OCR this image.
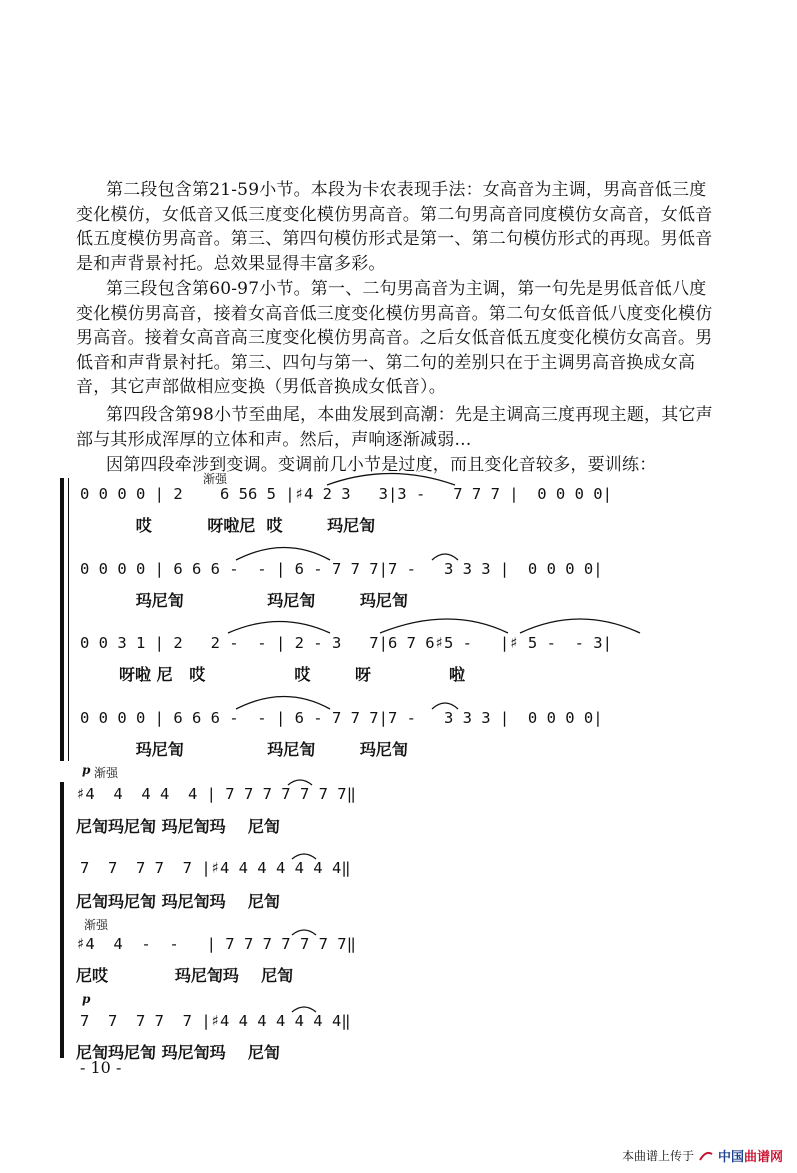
第二段包含第21-59小节。本段为卡农表现手法：女高音为主调，男高音低三度变化模仿，女低音又低三度变化模仿男高音。第二句男高音同度模仿女高音，女低音低五度模仿男高音。第三、第四句模仿形式是第一、第二句模仿形式的再现。男低音是和声背景衬托。总效果显得丰富多彩。

第三段包含第60-97小节。第一、二句男高音为主调，第一句先是男低音低八度变化模仿男高音，接着女高音低三度变化模仿男高音。第二句女低音低八度变化模仿男高音。接着女高音高三度变化模仿男高音。之后女低音低五度变化模仿女高音。男低音和声背景衬托。第三、四句与第一、第二句的差别只在于主调男高音换成女高音，其它声部做相应变换（男低音换成女低音）。

第四段含第98小节至曲尾，本曲发展到高潮：先是主调高三度再现主题，其它声部与其形成浑厚的立体和声。然后，声响逐渐减弱…

因第四段牵涉到变调。变调前几小节是过度，而且变化音较多，要训练：

渐强
0 0 0 0 | 2    6 56 5 |♯4 2 3   3|3 -   7 7 7 |  0 0 0 0|
哎          呀啦尼  哎        玛尼訇
0 0 0 0 | 6 6 6 -  - | 6 - 7 7 7|7 -   3 3 3 |  0 0 0 0|
玛尼訇               玛尼訇        玛尼訇
0 0 3 1 | 2   2 -  - | 2 - 3   7|6 7 6♯5 -   |♯ 5 -  - 3|
呀啦 尼   哎                哎        呀              啦
0 0 0 0 | 6 6 6 -  - | 6 - 7 7 7|7 -   3 3 3 |  0 0 0 0|
玛尼訇               玛尼訇        玛尼訇
p 渐强
♯4  4  4 4  4 | 7 7 7 7 7 7 7‖
尼訇玛尼訇 玛尼訇玛    尼訇
7  7  7 7  7 |♯4 4 4 4 4 4 4‖
尼訇玛尼訇 玛尼訇玛    尼訇
渐强
♯4  4  -  -   | 7 7 7 7 7 7 7‖
尼哎            玛尼訇玛    尼訇
p
7  7  7 7  7 |♯4 4 4 4 4 4 4‖
尼訇玛尼訇 玛尼訇玛    尼訇
- 10 -
本曲谱上传于 中国曲谱网
